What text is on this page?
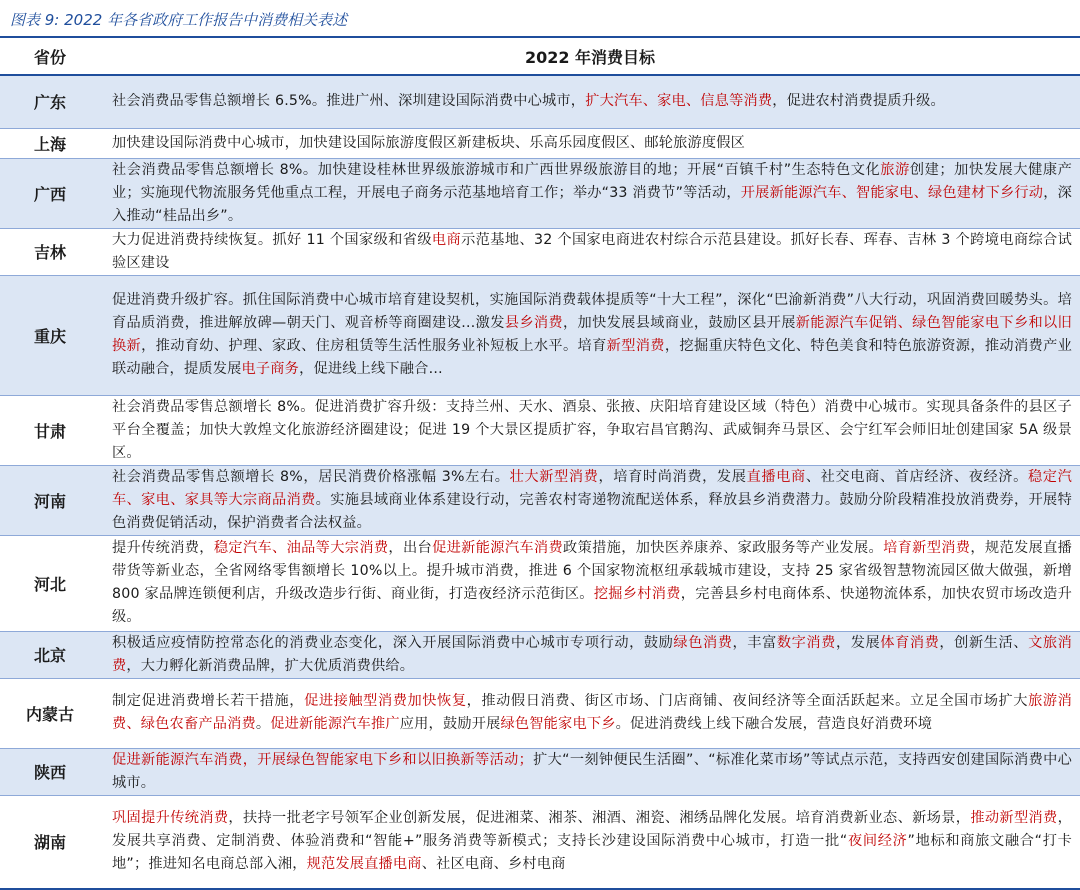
图表 9: 2022 年各省政府工作报告中消费相关表述
省份	2022 年消费目标
广东	社会消费品零售总额增长 6.5%。推进广州、深圳建设国际消费中心城市，扩大汽车、家电、信息等消费，促进农村消费提质升级。
上海	加快建设国际消费中心城市，加快建设国际旅游度假区新建板块、乐高乐园度假区、邮轮旅游度假区
广西	社会消费品零售总额增长 8%。加快建设桂林世界级旅游城市和广西世界级旅游目的地；开展“百镇千村”生态特色文化旅游创建；加快发展大健康产业；实施现代物流服务凭他重点工程，开展电子商务示范基地培育工作；举办“33 消费节”等活动，开展新能源汽车、智能家电、绿色建材下乡行动，深入推动“桂品出乡”。
吉林	大力促进消费持续恢复。抓好 11 个国家级和省级电商示范基地、32 个国家电商进农村综合示范县建设。抓好长春、珲春、吉林 3 个跨境电商综合试验区建设
重庆	促进消费升级扩容。抓住国际消费中心城市培育建设契机，实施国际消费载体提质等“十大工程”，深化“巴渝新消费”八大行动，巩固消费回暖势头。培育品质消费，推进解放碑—朝天门、观音桥等商圈建设…激发县乡消费，加快发展县域商业，鼓励区县开展新能源汽车促销、绿色智能家电下乡和以旧换新，推动育幼、护理、家政、住房租赁等生活性服务业补短板上水平。培育新型消费，挖掘重庆特色文化、特色美食和特色旅游资源，推动消费产业联动融合，提质发展电子商务，促进线上线下融合…
甘肃	社会消费品零售总额增长 8%。促进消费扩容升级：支持兰州、天水、酒泉、张掖、庆阳培育建设区域（特色）消费中心城市。实现具备条件的县区子平台全覆盖；加快大敦煌文化旅游经济圈建设；促进 19 个大景区提质扩容，争取宕昌官鹅沟、武威铜奔马景区、会宁红军会师旧址创建国家 5A 级景区。
河南	社会消费品零售总额增长 8%，居民消费价格涨幅 3%左右。壮大新型消费，培育时尚消费，发展直播电商、社交电商、首店经济、夜经济。稳定汽车、家电、家具等大宗商品消费。实施县域商业体系建设行动，完善农村寄递物流配送体系，释放县乡消费潜力。鼓励分阶段精准投放消费券，开展特色消费促销活动，保护消费者合法权益。
河北	提升传统消费，稳定汽车、油品等大宗消费，出台促进新能源汽车消费政策措施，加快医养康养、家政服务等产业发展。培育新型消费，规范发展直播带货等新业态，全省网络零售额增长 10%以上。提升城市消费，推进 6 个国家物流枢纽承载城市建设，支持 25 家省级智慧物流园区做大做强，新增 800 家品牌连锁便利店，升级改造步行街、商业街，打造夜经济示范街区。挖掘乡村消费，完善县乡村电商体系、快递物流体系，加快农贸市场改造升级。
北京	积极适应疫情防控常态化的消费业态变化，深入开展国际消费中心城市专项行动，鼓励绿色消费，丰富数字消费，发展体育消费，创新生活、文旅消费，大力孵化新消费品牌，扩大优质消费供给。
内蒙古	制定促进消费增长若干措施，促进接触型消费加快恢复，推动假日消费、街区市场、门店商铺、夜间经济等全面活跃起来。立足全国市场扩大旅游消费、绿色农畜产品消费。促进新能源汽车推广应用，鼓励开展绿色智能家电下乡。促进消费线上线下融合发展，营造良好消费环境
陕西	促进新能源汽车消费，开展绿色智能家电下乡和以旧换新等活动；扩大“一刻钟便民生活圈”、“标准化菜市场”等试点示范，支持西安创建国际消费中心城市。
湖南	巩固提升传统消费，扶持一批老字号领军企业创新发展，促进湘菜、湘茶、湘酒、湘瓷、湘绣品牌化发展。培育消费新业态、新场景，推动新型消费，发展共享消费、定制消费、体验消费和“智能+”服务消费等新模式；支持长沙建设国际消费中心城市，打造一批“夜间经济”地标和商旅文融合“打卡地”；推进知名电商总部入湘，规范发展直播电商、社区电商、乡村电商
